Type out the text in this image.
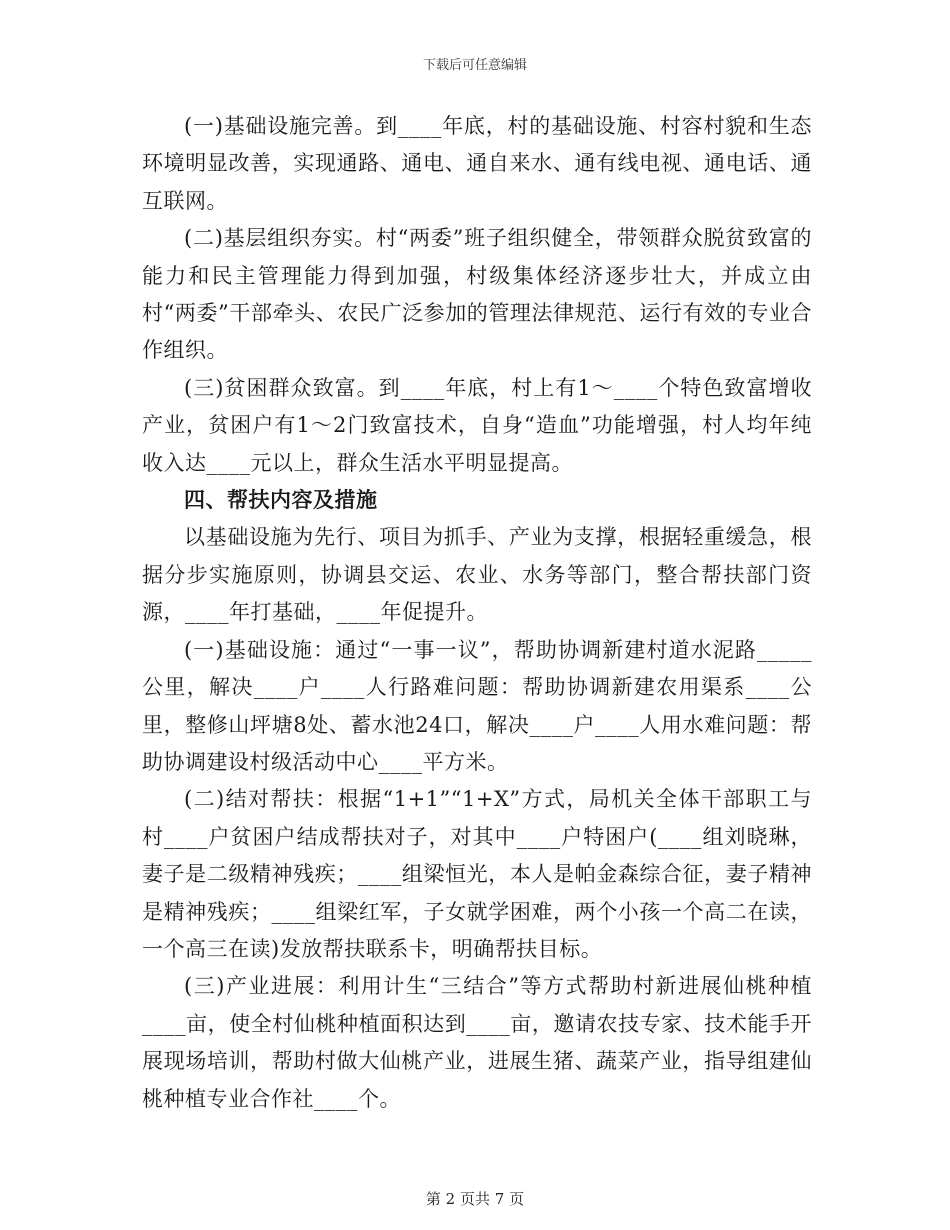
下载后可任意编辑

(一)基础设施完善。到____年底，村的基础设施、村容村貌和生态环境明显改善，实现通路、通电、通自来水、通有线电视、通电话、通互联网。

(二)基层组织夯实。村“两委”班子组织健全，带领群众脱贫致富的能力和民主管理能力得到加强，村级集体经济逐步壮大，并成立由村“两委”干部牵头、农民广泛参加的管理法律规范、运行有效的专业合作组织。

(三)贫困群众致富。到____年底，村上有1～____个特色致富增收产业，贫困户有1～2门致富技术，自身“造血”功能增强，村人均年纯收入达____元以上，群众生活水平明显提高。

四、帮扶内容及措施

以基础设施为先行、项目为抓手、产业为支撑，根据轻重缓急，根据分步实施原则，协调县交运、农业、水务等部门，整合帮扶部门资源，____年打基础，____年促提升。

(一)基础设施：通过“一事一议”，帮助协调新建村道水泥路_____公里，解决____户____人行路难问题：帮助协调新建农用渠系____公里，整修山坪塘8处、蓄水池24口，解决____户____人用水难问题：帮助协调建设村级活动中心____平方米。

(二)结对帮扶：根据“1+1”“1+X”方式，局机关全体干部职工与村____户贫困户结成帮扶对子，对其中____户特困户(____组刘晓琳，妻子是二级精神残疾；____组梁恒光，本人是帕金森综合征，妻子精神是精神残疾；____组梁红军，子女就学困难，两个小孩一个高二在读，一个高三在读)发放帮扶联系卡，明确帮扶目标。

(三)产业进展：利用计生“三结合”等方式帮助村新进展仙桃种植____亩，使全村仙桃种植面积达到____亩，邀请农技专家、技术能手开展现场培训，帮助村做大仙桃产业，进展生猪、蔬菜产业，指导组建仙桃种植专业合作社____个。

第 2 页共 7 页
